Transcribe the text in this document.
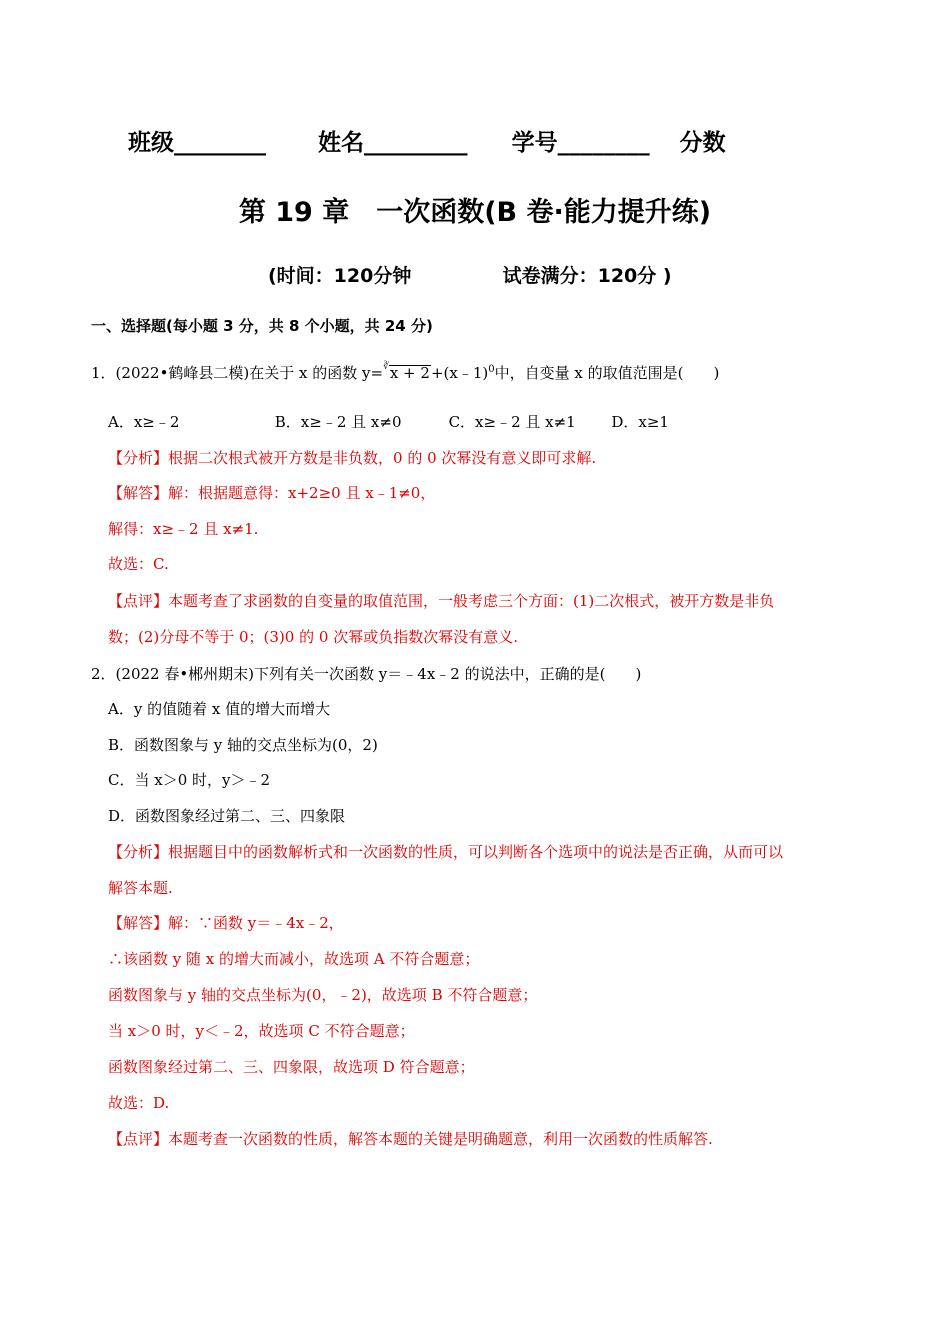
班级________ 姓名_________ 学号________ 分数
第 19 章　一次函数(B 卷·能力提升练)
(时间：120分钟	试卷满分：120分 )
一、选择题(每小题 3 分，共 8 个小题，共 24 分)
1．(2022•鹤峰县二模)在关于 x 的函数 y=∛x + 2+(x﹣1)$^0$中，自变量 x 的取值范围是(　　)
A．x≥﹣2	B．x≥﹣2 且 x≠0	C．x≥﹣2 且 x≠1 D．x≥1
【分析】根据二次根式被开方数是非负数，0 的 0 次幂没有意义即可求解.
【解答】解：根据题意得：x+2≥0 且 x﹣1≠0，
解得：x≥﹣2 且 x≠1.
故选：C.
【点评】本题考查了求函数的自变量的取值范围，一般考虑三个方面：(1)二次根式，被开方数是非负
数；(2)分母不等于 0；(3)0 的 0 次幂或负指数次幂没有意义.
2．(2022 春•郴州期末)下列有关一次函数 y＝﹣4x﹣2 的说法中，正确的是(　　)
A．y 的值随着 x 值的增大而增大
B．函数图象与 y 轴的交点坐标为(0，2)
C．当 x＞0 时，y＞﹣2
D．函数图象经过第二、三、四象限
【分析】根据题目中的函数解析式和一次函数的性质，可以判断各个选项中的说法是否正确，从而可以
解答本题.
【解答】解：∵函数 y＝﹣4x﹣2，
∴该函数 y 随 x 的增大而减小，故选项 A 不符合题意；
函数图象与 y 轴的交点坐标为(0，﹣2)，故选项 B 不符合题意；
当 x＞0 时，y＜﹣2，故选项 C 不符合题意；
函数图象经过第二、三、四象限，故选项 D 符合题意；
故选：D.
【点评】本题考查一次函数的性质，解答本题的关键是明确题意，利用一次函数的性质解答.
